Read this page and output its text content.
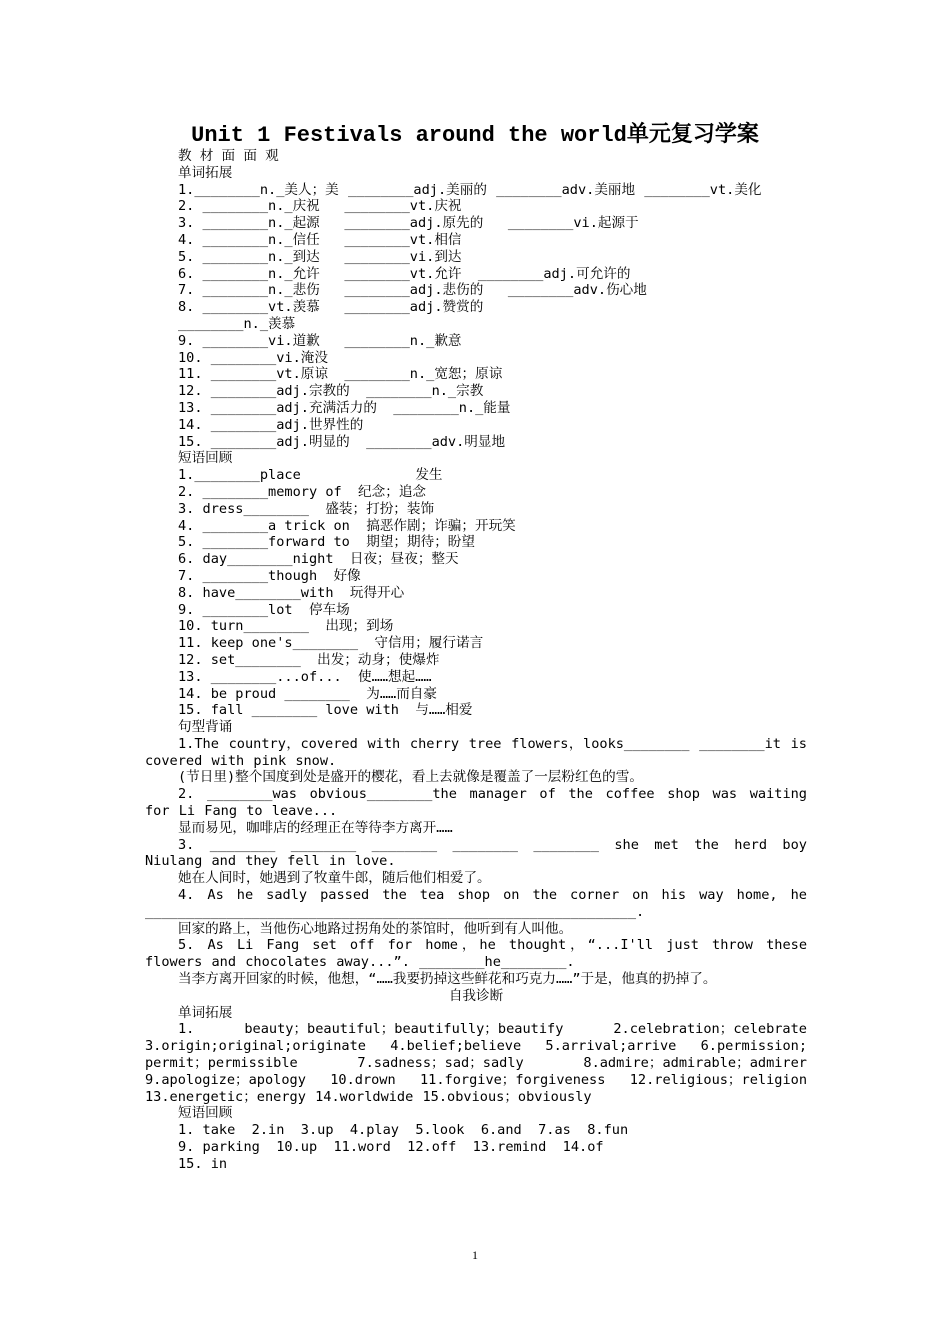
Unit 1 Festivals around the world单元复习学案
教 材 面 面 观
单词拓展
1.________n._美人；美 ________adj.美丽的 ________adv.美丽地 ________vt.美化
2. ________n._庆祝   ________vt.庆祝
3. ________n._起源   ________adj.原先的   ________vi.起源于
4. ________n._信任   ________vt.相信
5. ________n._到达   ________vi.到达
6. ________n._允许   ________vt.允许  ________adj.可允许的
7. ________n._悲伤   ________adj.悲伤的   ________adv.伤心地
8. ________vt.羡慕   ________adj.赞赏的
________n._羡慕
9. ________vi.道歉   ________n._歉意
10. ________vi.淹没
11. ________vt.原谅  ________n._宽恕；原谅
12. ________adj.宗教的  ________n._宗教
13. ________adj.充满活力的  ________n._能量
14. ________adj.世界性的
15. ________adj.明显的  ________adv.明显地
短语回顾
1.________place              发生
2. ________memory of  纪念；追念
3. dress________  盛装；打扮；装饰
4. ________a trick on  搞恶作剧；诈骗；开玩笑
5. ________forward to  期望；期待；盼望
6. day________night  日夜；昼夜；整天
7. ________though  好像
8. have________with  玩得开心
9. ________lot  停车场
10. turn________  出现；到场
11. keep one's________  守信用；履行诺言
12. set________  出发；动身；使爆炸
13. ________...of...  使……想起……
14. be proud ________  为……而自豪
15. fall ________ love with  与……相爱
句型背诵
1.The country，covered with cherry tree flowers，looks________ ________it is covered with pink snow.
(节日里)整个国度到处是盛开的樱花，看上去就像是覆盖了一层粉红色的雪。
2. ________was obvious________the manager of the coffee shop was waiting for Li Fang to leave...
显而易见，咖啡店的经理正在等待李方离开……
3. ________ ________ ________ ________ ________ she met the herd boy Niulang and they fell in love.
她在人间时，她遇到了牧童牛郎，随后他们相爱了。
4. As he sadly passed the tea shop on the corner on his way home, he ____________________________________________________________.
回家的路上，当他伤心地路过拐角处的茶馆时，他听到有人叫他。
5. As Li Fang set off for home，he thought，“...I'll just throw these flowers and chocolates away...”. ________he________.
当李方离开回家的时候，他想，“……我要扔掉这些鲜花和巧克力……”于是，他真的扔掉了。
自我诊断
单词拓展
1. beauty；beautiful；beautifully；beautify 2.celebration；celebrate 3.origin;original;originate 4.belief;believe 5.arrival;arrive 6.permission; permit；permissible 7.sadness；sad；sadly 8.admire；admirable；admirer 9.apologize；apology 10.drown 11.forgive；forgiveness 12.religious；religion 13.energetic；energy 14.worldwide 15.obvious；obviously
短语回顾
1. take  2.in  3.up  4.play  5.look  6.and  7.as  8.fun
9. parking  10.up  11.word  12.off  13.remind  14.of
15. in
1
